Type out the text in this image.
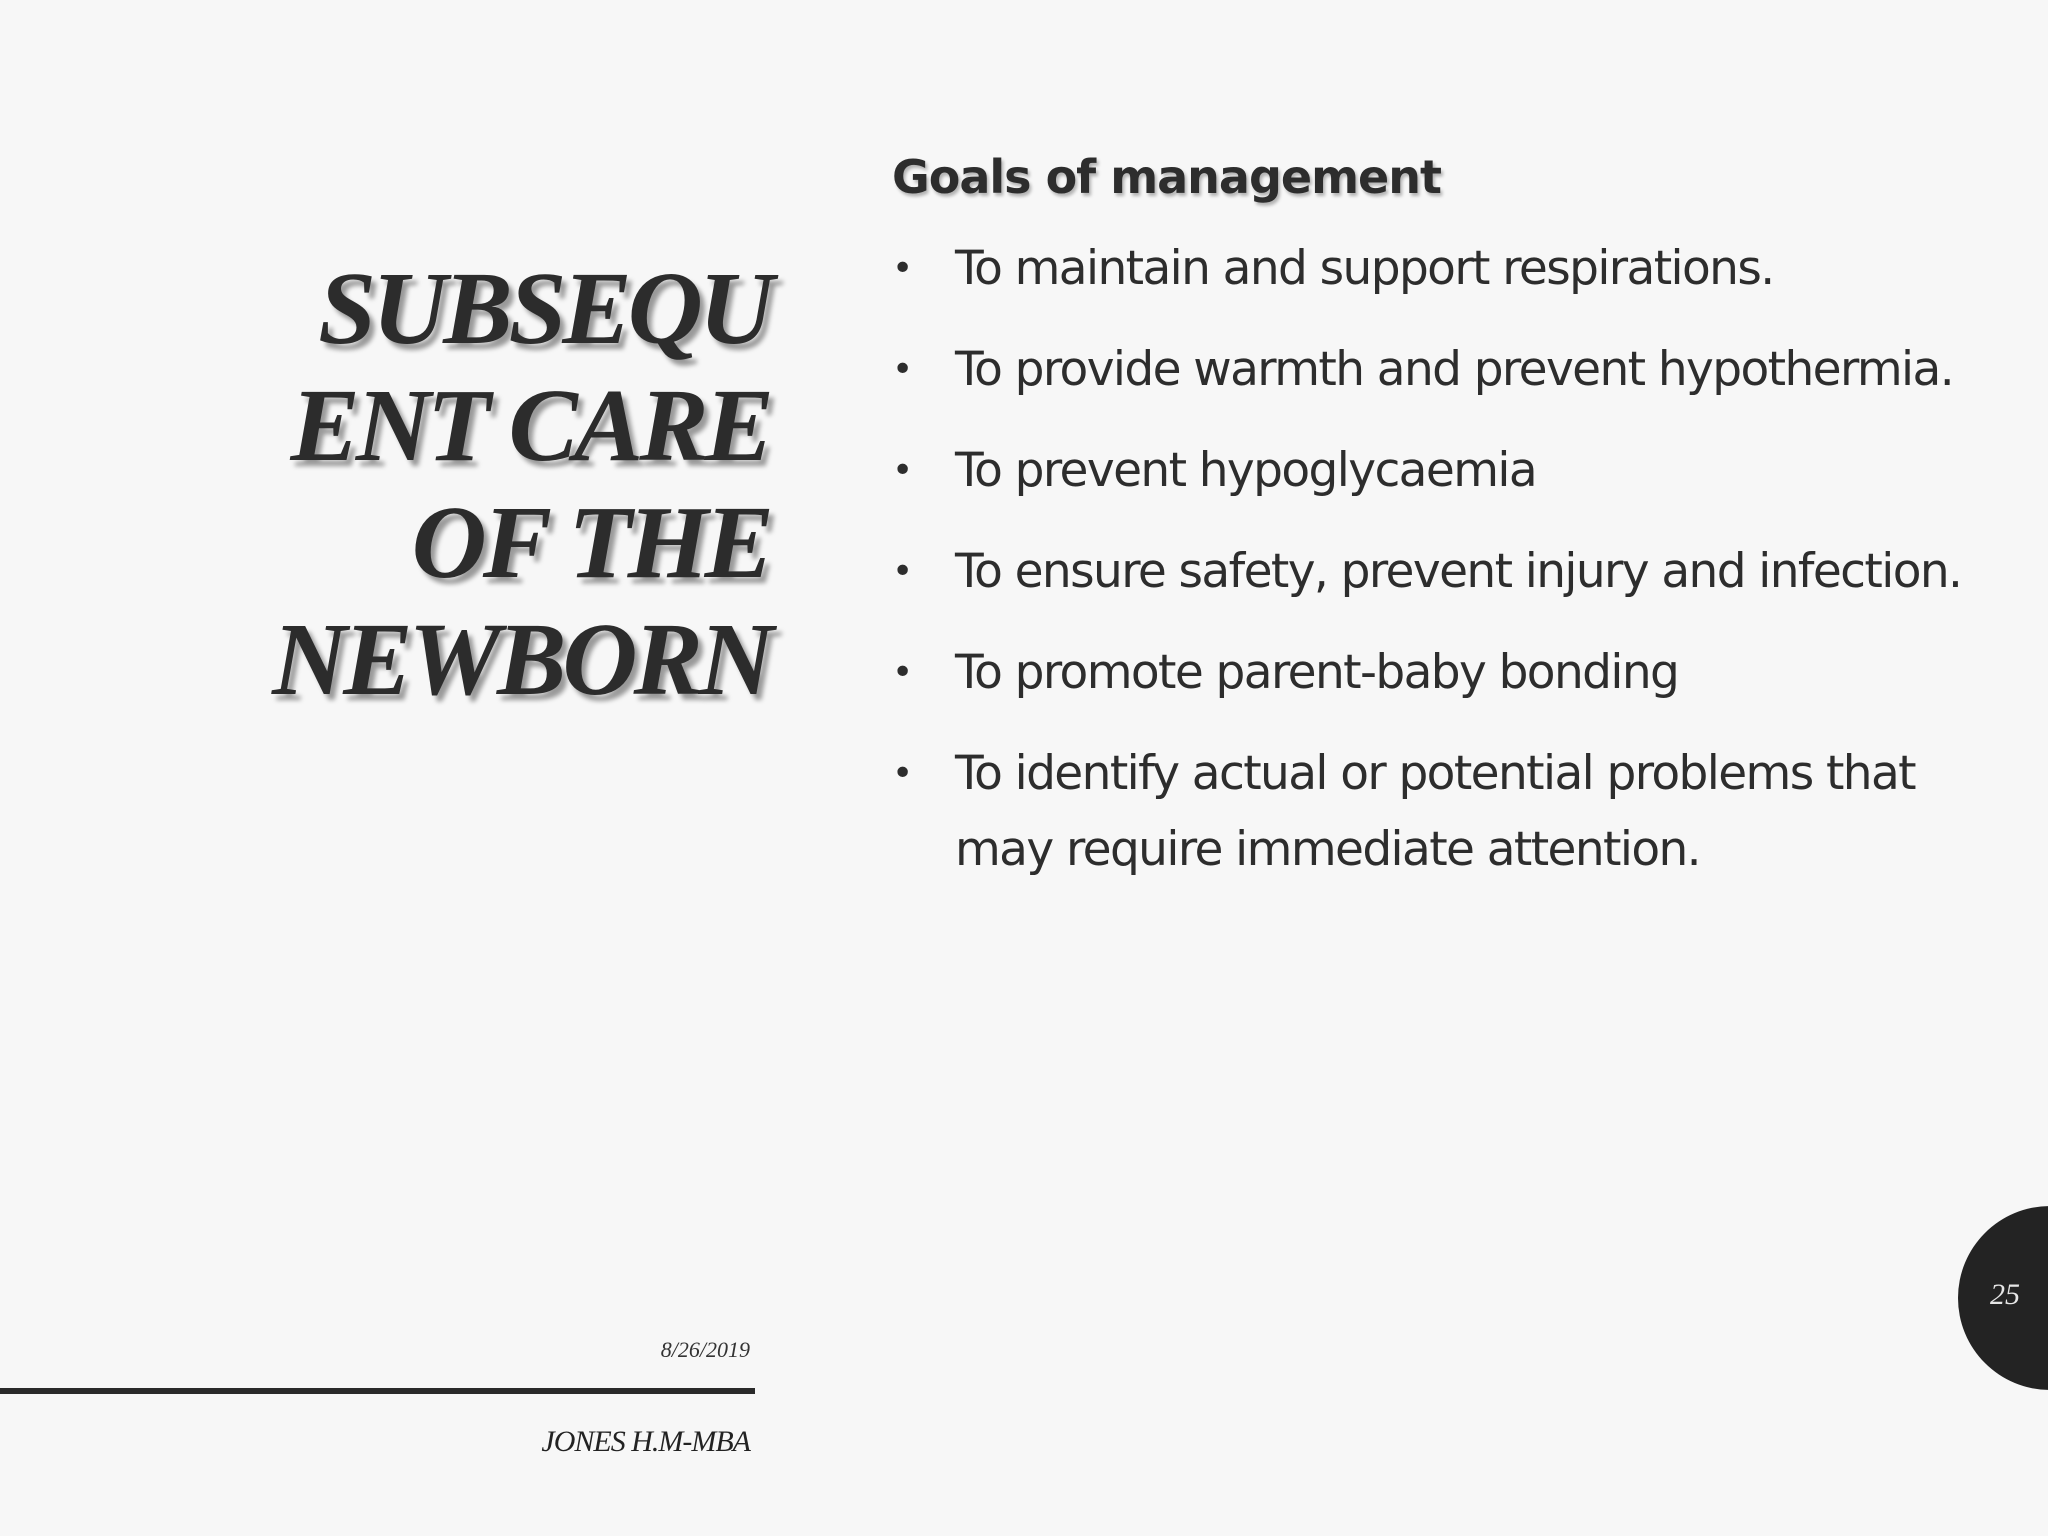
SUBSEQU
ENT CARE
OF THE
NEWBORN
8/26/2019
JONES H.M-MBA
Goals of management
• To maintain and support respirations.
• To provide warmth and prevent hypothermia.
• To prevent hypoglycaemia
• To ensure safety, prevent injury and infection.
• To promote parent-baby bonding
• To identify actual or potential problems that may require immediate attention.
25
